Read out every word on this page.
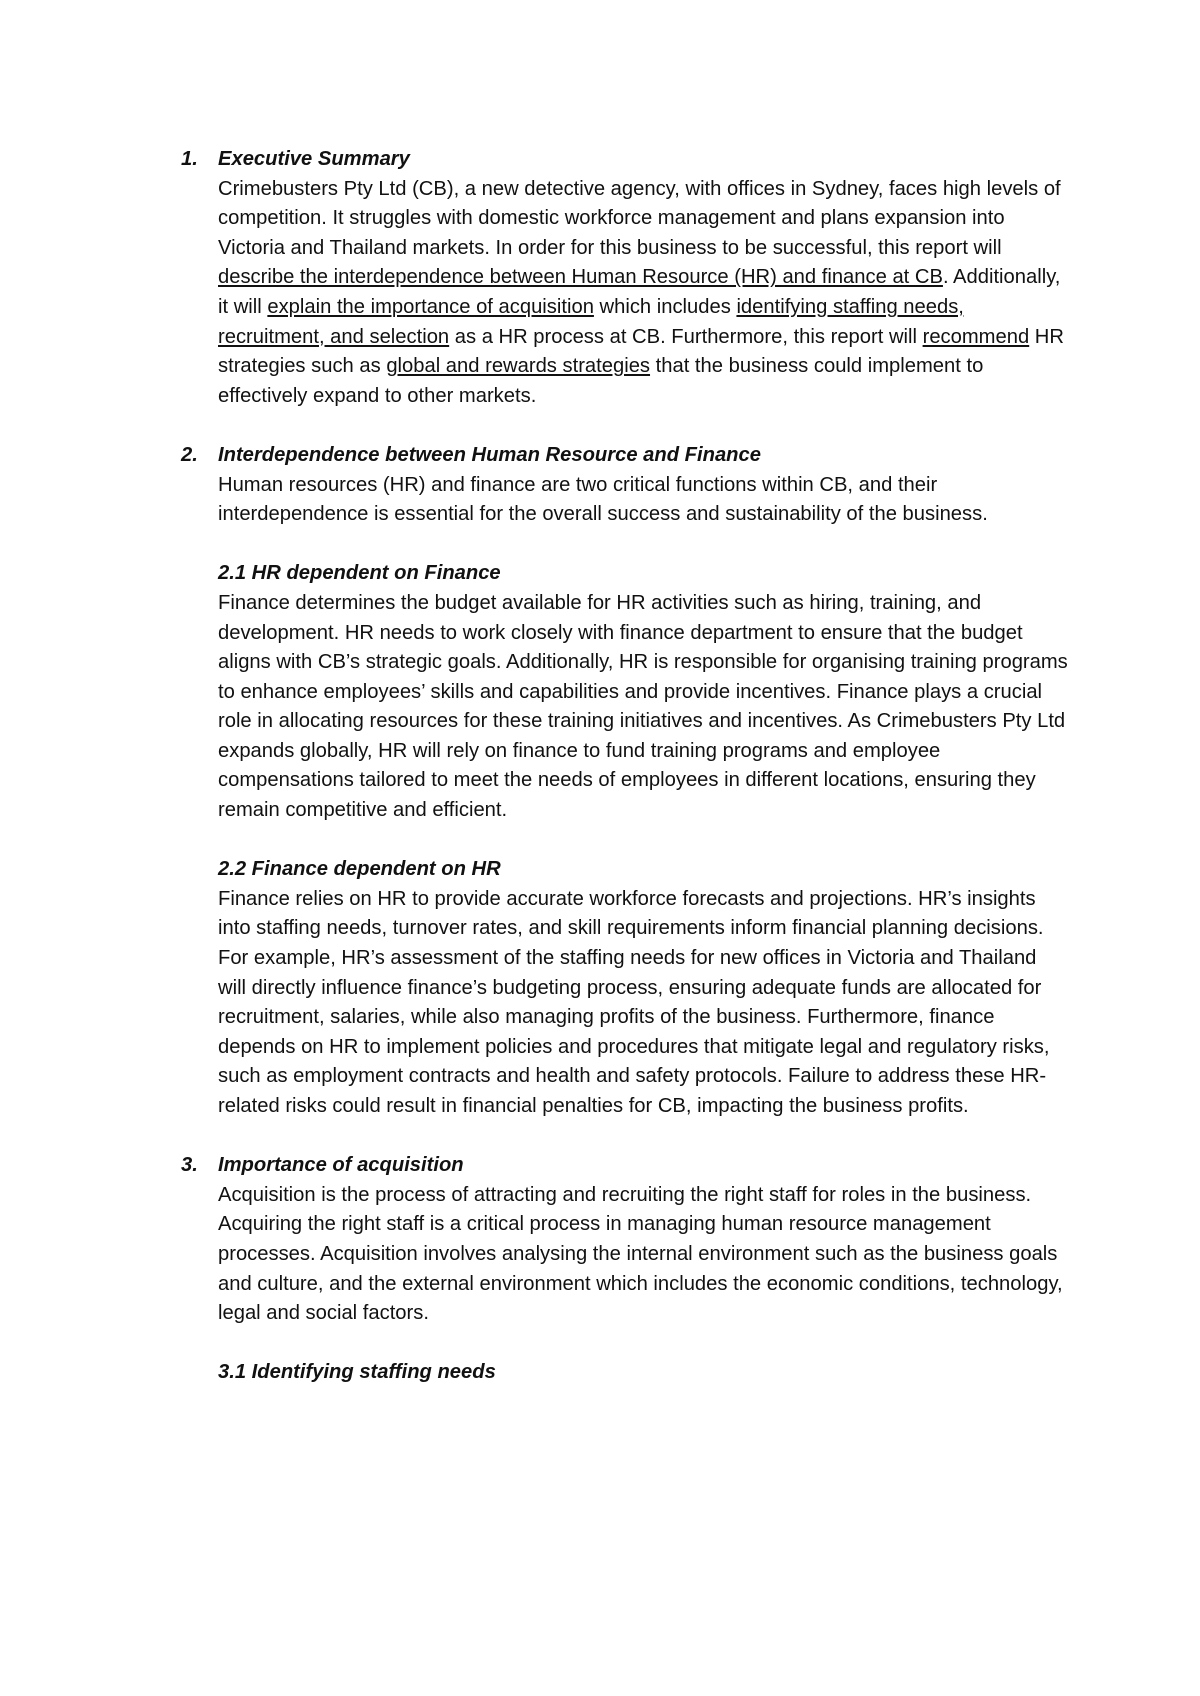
1. Executive Summary

Crimebusters Pty Ltd (CB), a new detective agency, with offices in Sydney, faces high levels of competition. It struggles with domestic workforce management and plans expansion into Victoria and Thailand markets. In order for this business to be successful, this report will describe the interdependence between Human Resource (HR) and finance at CB. Additionally, it will explain the importance of acquisition which includes identifying staffing needs, recruitment, and selection as a HR process at CB. Furthermore, this report will recommend HR strategies such as global and rewards strategies that the business could implement to effectively expand to other markets.

2. Interdependence between Human Resource and Finance

Human resources (HR) and finance are two critical functions within CB, and their interdependence is essential for the overall success and sustainability of the business.

2.1 HR dependent on Finance

Finance determines the budget available for HR activities such as hiring, training, and development. HR needs to work closely with finance department to ensure that the budget aligns with CB’s strategic goals. Additionally, HR is responsible for organising training programs to enhance employees’ skills and capabilities and provide incentives. Finance plays a crucial role in allocating resources for these training initiatives and incentives. As Crimebusters Pty Ltd expands globally, HR will rely on finance to fund training programs and employee compensations tailored to meet the needs of employees in different locations, ensuring they remain competitive and efficient.

2.2 Finance dependent on HR

Finance relies on HR to provide accurate workforce forecasts and projections. HR’s insights into staffing needs, turnover rates, and skill requirements inform financial planning decisions. For example, HR’s assessment of the staffing needs for new offices in Victoria and Thailand will directly influence finance’s budgeting process, ensuring adequate funds are allocated for recruitment, salaries, while also managing profits of the business. Furthermore, finance depends on HR to implement policies and procedures that mitigate legal and regulatory risks, such as employment contracts and health and safety protocols. Failure to address these HR-related risks could result in financial penalties for CB, impacting the business profits.

3. Importance of acquisition

Acquisition is the process of attracting and recruiting the right staff for roles in the business. Acquiring the right staff is a critical process in managing human resource management processes. Acquisition involves analysing the internal environment such as the business goals and culture, and the external environment which includes the economic conditions, technology, legal and social factors.

3.1 Identifying staffing needs
